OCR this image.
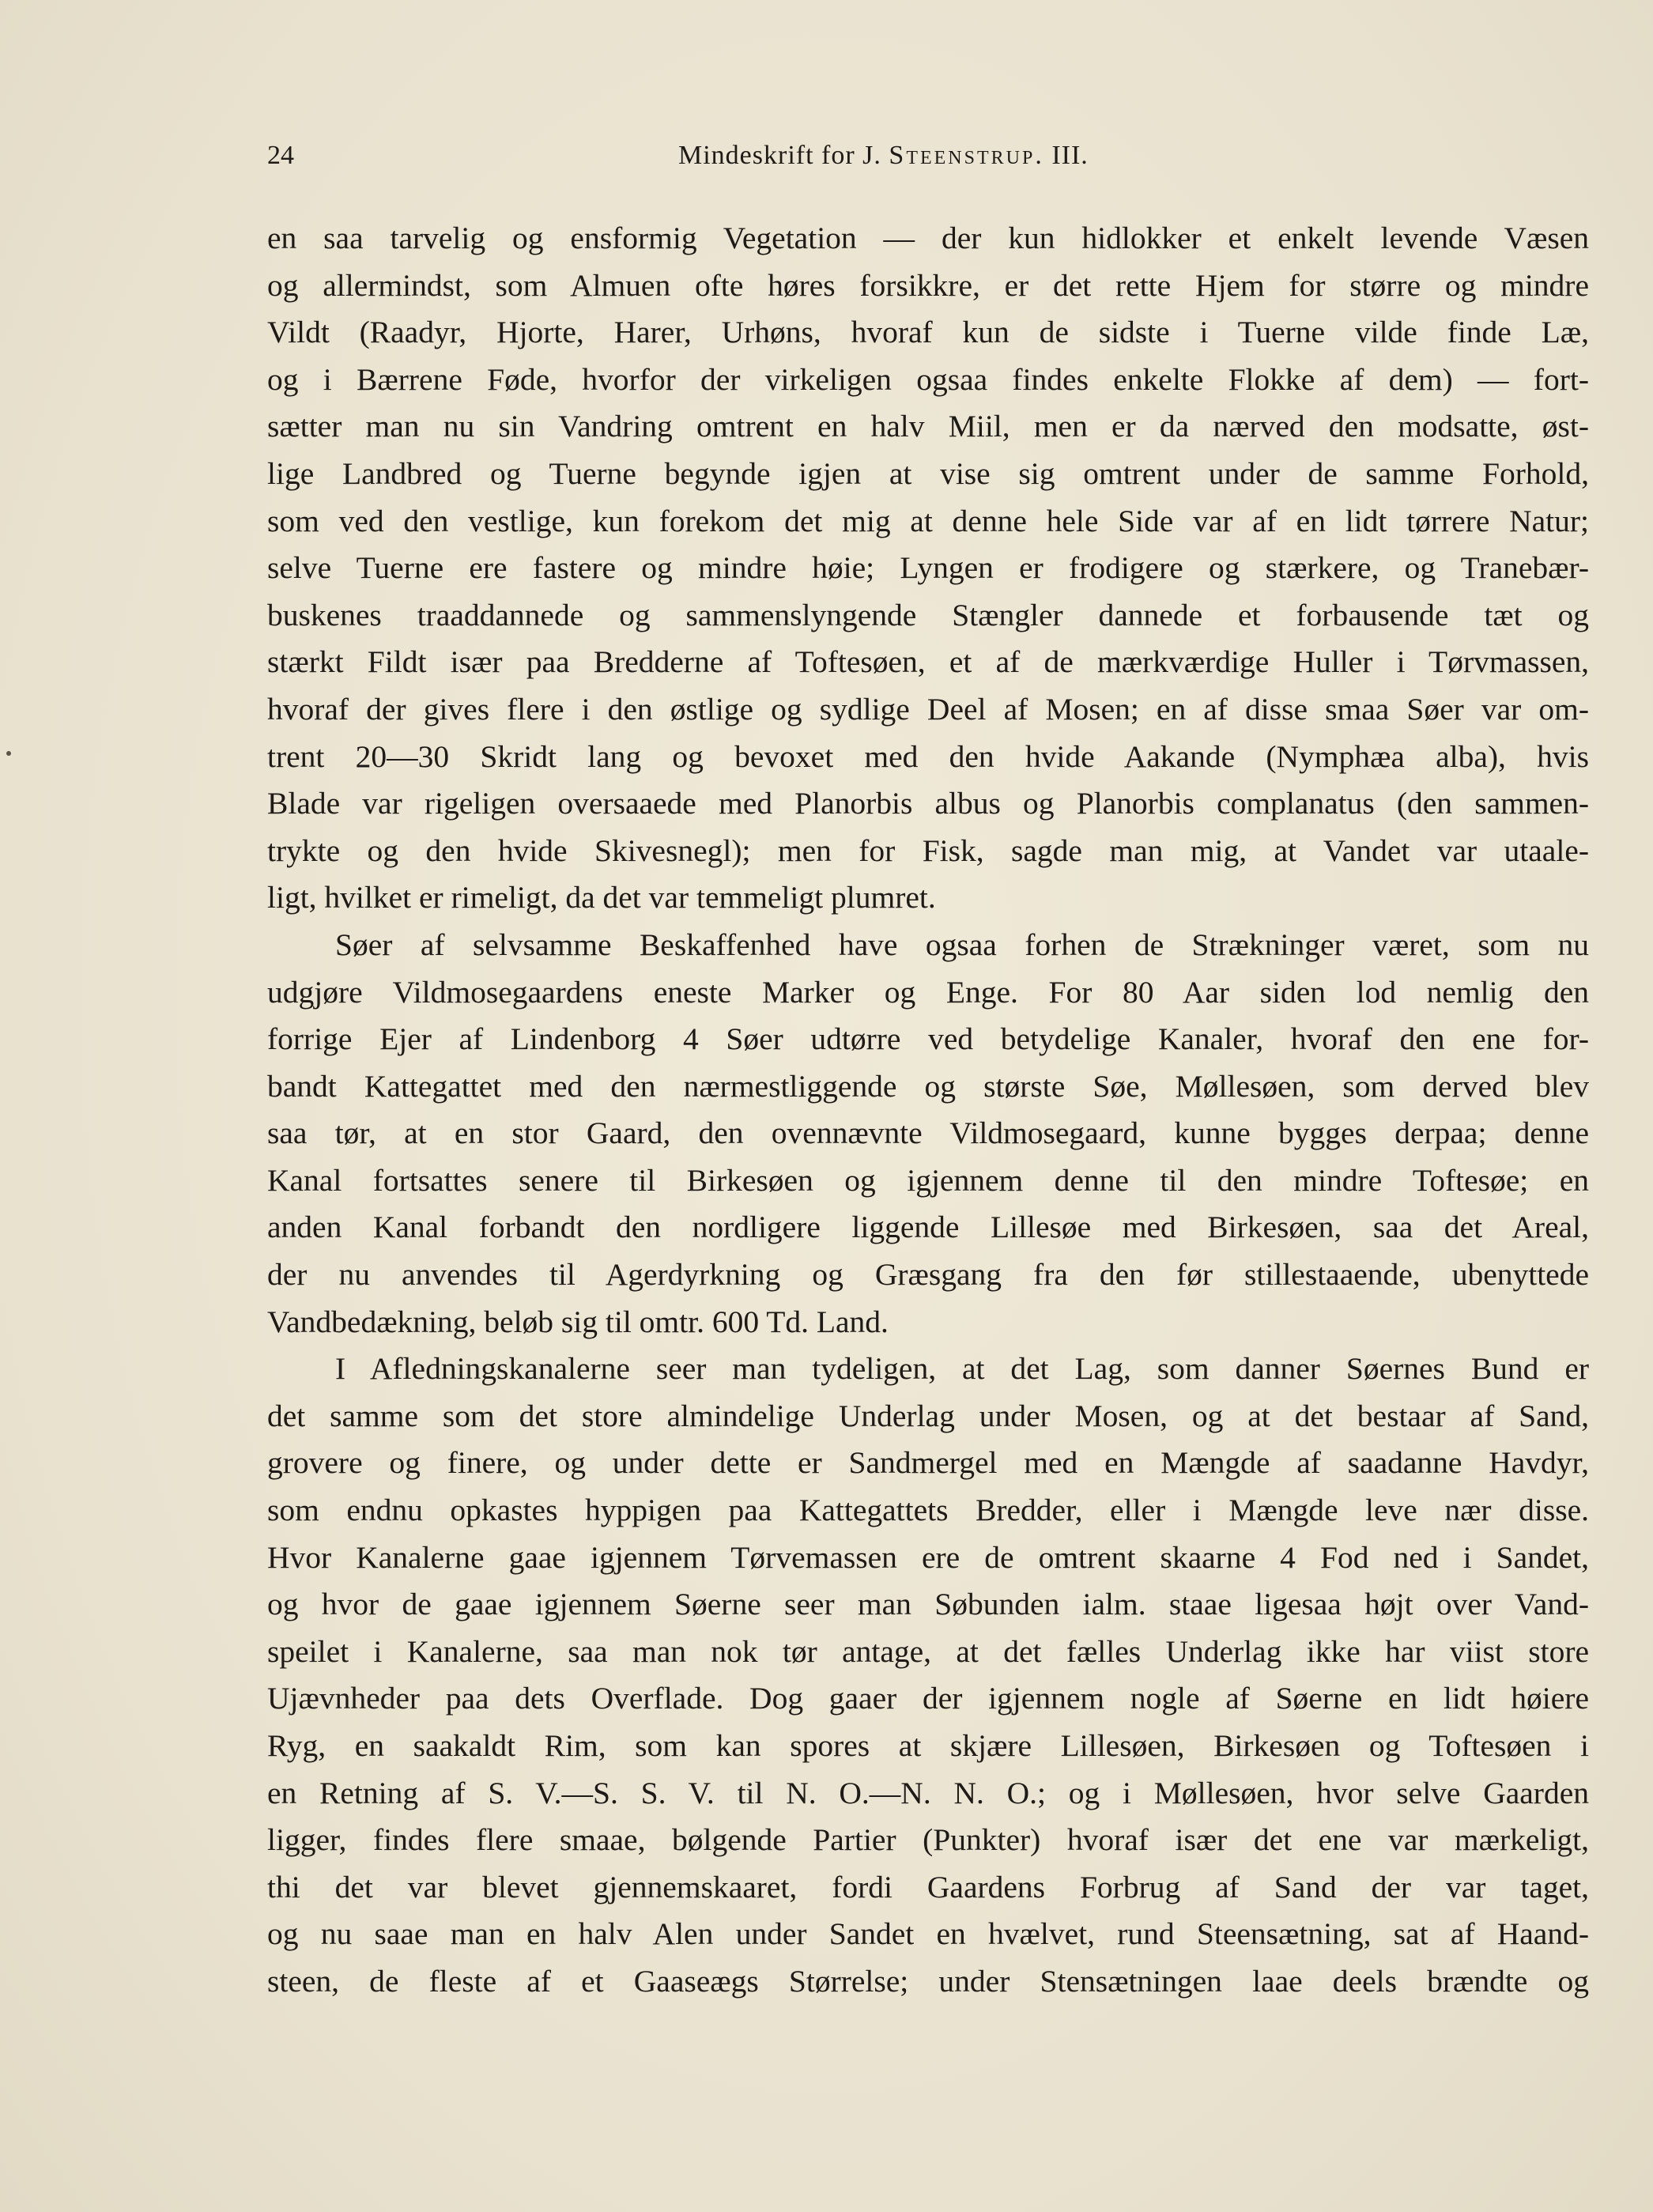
24	Mindeskrift for J. Steenstrup. III.
en saa tarvelig og ensformig Vegetation — der kun hidlokker et enkelt levende Væsen
og allermindst, som Almuen ofte høres forsikkre, er det rette Hjem for større og mindre
Vildt (Raadyr, Hjorte, Harer, Urhøns, hvoraf kun de sidste i Tuerne vilde finde Læ,
og i Bærrene Føde, hvorfor der virkeligen ogsaa findes enkelte Flokke af dem) — fort-
sætter man nu sin Vandring omtrent en halv Miil, men er da nærved den modsatte, øst-
lige Landbred og Tuerne begynde igjen at vise sig omtrent under de samme Forhold,
som ved den vestlige, kun forekom det mig at denne hele Side var af en lidt tørrere Natur;
selve Tuerne ere fastere og mindre høie; Lyngen er frodigere og stærkere, og Tranebær-
buskenes traaddannede og sammenslyngende Stængler dannede et forbausende tæt og
stærkt Fildt især paa Bredderne af Toftesøen, et af de mærkværdige Huller i Tørvmassen,
hvoraf der gives flere i den østlige og sydlige Deel af Mosen; en af disse smaa Søer var om-
trent 20—30 Skridt lang og bevoxet med den hvide Aakande (Nymphæa alba), hvis
Blade var rigeligen oversaaede med Planorbis albus og Planorbis complanatus (den sammen-
trykte og den hvide Skivesnegl); men for Fisk, sagde man mig, at Vandet var utaale-
ligt, hvilket er rimeligt, da det var temmeligt plumret.
Søer af selvsamme Beskaffenhed have ogsaa forhen de Strækninger været, som nu
udgjøre Vildmosegaardens eneste Marker og Enge. For 80 Aar siden lod nemlig den
forrige Ejer af Lindenborg 4 Søer udtørre ved betydelige Kanaler, hvoraf den ene for-
bandt Kattegattet med den nærmestliggende og største Søe, Møllesøen, som derved blev
saa tør, at en stor Gaard, den ovennævnte Vildmosegaard, kunne bygges derpaa; denne
Kanal fortsattes senere til Birkesøen og igjennem denne til den mindre Toftesøe; en
anden Kanal forbandt den nordligere liggende Lillesøe med Birkesøen, saa det Areal,
der nu anvendes til Agerdyrkning og Græsgang fra den før stillestaaende, ubenyttede
Vandbedækning, beløb sig til omtr. 600 Td. Land.
I Afledningskanalerne seer man tydeligen, at det Lag, som danner Søernes Bund er
det samme som det store almindelige Underlag under Mosen, og at det bestaar af Sand,
grovere og finere, og under dette er Sandmergel med en Mængde af saadanne Havdyr,
som endnu opkastes hyppigen paa Kattegattets Bredder, eller i Mængde leve nær disse.
Hvor Kanalerne gaae igjennem Tørvemassen ere de omtrent skaarne 4 Fod ned i Sandet,
og hvor de gaae igjennem Søerne seer man Søbunden ialm. staae ligesaa højt over Vand-
speilet i Kanalerne, saa man nok tør antage, at det fælles Underlag ikke har viist store
Ujævnheder paa dets Overflade. Dog gaaer der igjennem nogle af Søerne en lidt høiere
Ryg, en saakaldt Rim, som kan spores at skjære Lillesøen, Birkesøen og Toftesøen i
en Retning af S. V.—S. S. V. til N. O.—N. N. O.; og i Møllesøen, hvor selve Gaarden
ligger, findes flere smaae, bølgende Partier (Punkter) hvoraf især det ene var mærkeligt,
thi det var blevet gjennemskaaret, fordi Gaardens Forbrug af Sand der var taget,
og nu saae man en halv Alen under Sandet en hvælvet, rund Steensætning, sat af Haand-
steen, de fleste af et Gaaseægs Størrelse; under Stensætningen laae deels brændte og
